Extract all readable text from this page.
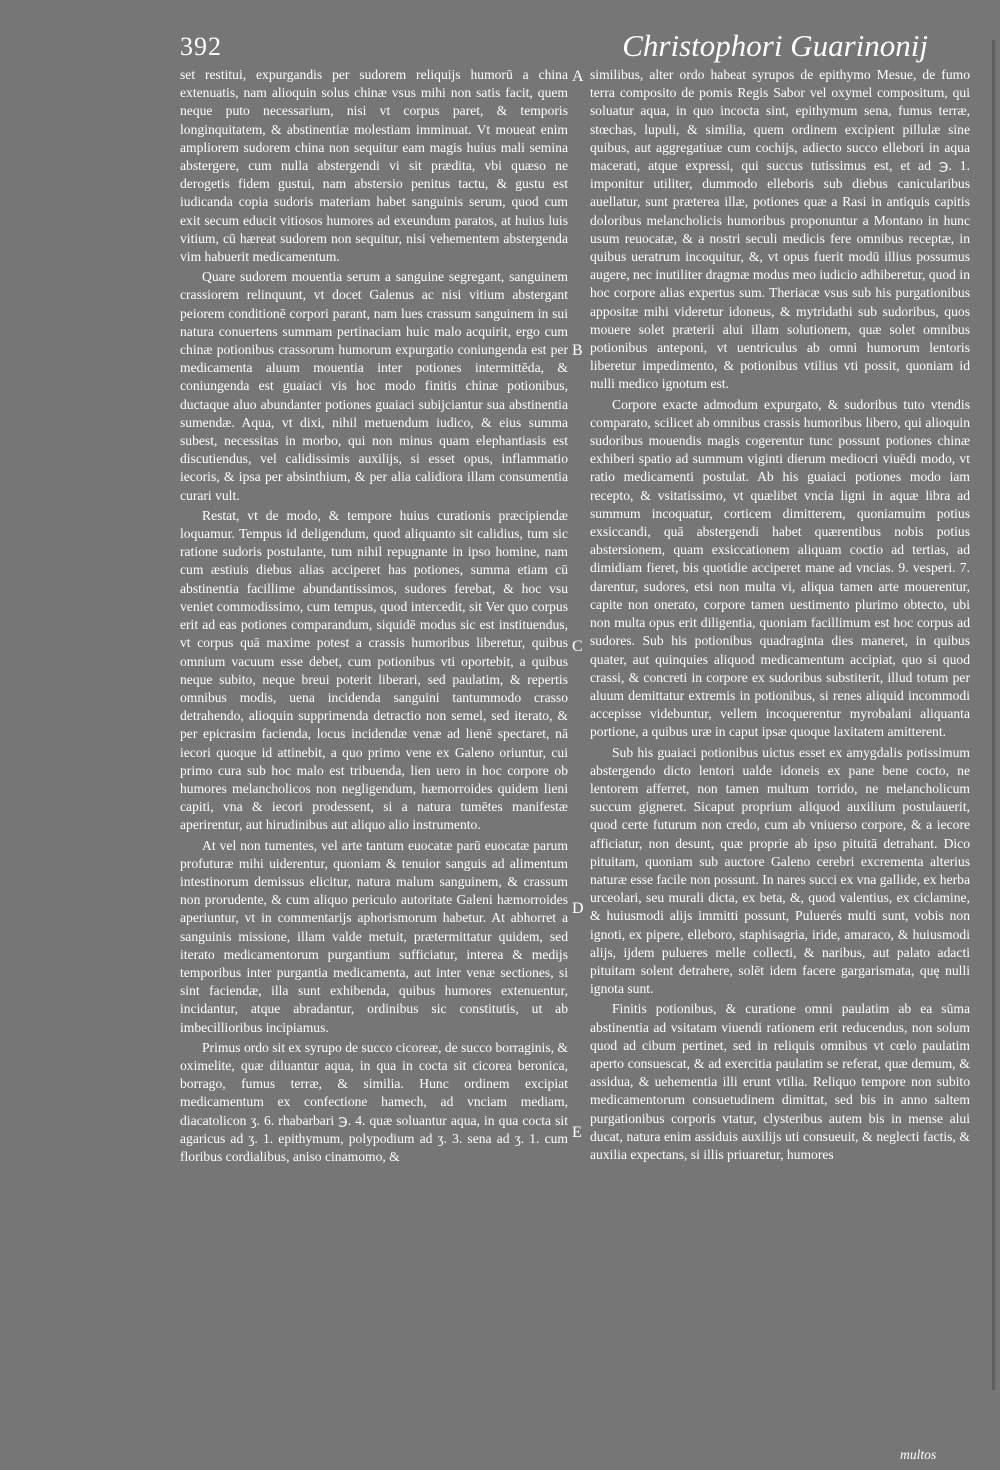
392	Christophori Guarinonij

set restitui, expurgandis per sudorem reliquijs humorū a china extenuatis, nam alioquin solus chinæ vsus mihi non satis facit, quem neque puto necessarium, nisi vt corpus paret, & temporis longinquitatem, & abstinentiæ molestiam imminuat. Vt moueat enim ampliorem sudorem china non sequitur eam magis huius mali semina abstergere, cum nulla abstergendi vi sit prædita, vbi quæso ne derogetis fidem gustui, nam abstersio penitus tactu, & gustu est iudicanda copia sudoris materiam habet sanguinis serum, quod cum exit secum educit vitiosos humores ad exeundum paratos, at huius luis vitium, cū hæreat sudorem non sequitur, nisi vehementem abstergenda vim habuerit medicamentum.

Quare sudorem mouentia serum a sanguine segregant, sanguinem crassiorem relinquunt, vt docet Galenus ac nisi vitium abstergant peiorem conditionē corpori parant, nam lues crassum sanguinem in sui natura conuertens summam pertinaciam huic malo acquirit, ergo cum chinæ potionibus crassorum humorum expurgatio coniungenda est per medicamenta aluum mouentia inter potiones intermittēda, & coniungenda est guaiaci vis hoc modo finitis chinæ potionibus, ductaque aluo abundanter potiones guaiaci subijciantur sua abstinentia sumendæ. Aqua, vt dixi, nihil metuendum iudico, & eius summa subest, necessitas in morbo, qui non minus quam elephantiasis est discutiendus, vel calidissimis auxilijs, si esset opus, inflammatio iecoris, & ipsa per absinthium, & per alia calidiora illam consumentia curari vult.

Restat, vt de modo, & tempore huius curationis præcipiendæ loquamur. Tempus id deligendum, quod aliquanto sit calidius, tum sic ratione sudoris postulante, tum nihil repugnante in ipso homine, nam cum æstiuis diebus alias acciperet has potiones, summa etiam cū abstinentia facillime abundantissimos, sudores ferebat, & hoc vsu veniet commodissimo, cum tempus, quod intercedit, sit Ver quo corpus erit ad eas potiones comparandum, siquidē modus sic est instituendus, vt corpus quā maxime potest a crassis humoribus liberetur, quibus omnium vacuum esse debet, cum potionibus vti oportebit, a quibus neque subito, neque breui poterit liberari, sed paulatim, & repertis omnibus modis, uena incidenda sanguini tantummodo crasso detrahendo, alioquin supprimenda detractio non semel, sed iterato, & per epicrasim facienda, locus incidendæ venæ ad lienē spectaret, nā iecori quoque id attinebit, a quo primo vene ex Galeno oriuntur, cui primo cura sub hoc malo est tribuenda, lien uero in hoc corpore ob humores melancholicos non negligendum, hæmorroides quidem lieni capiti, vna & iecori prodessent, si a natura tumētes manifestæ aperirentur, aut hirudinibus aut aliquo alio instrumento.

At vel non tumentes, vel arte tantum euocatæ parū euocatæ parum profuturæ mihi uiderentur, quoniam & tenuior sanguis ad alimentum intestinorum demissus elicitur, natura malum sanguinem, & crassum non prorudente, & cum aliquo periculo autoritate Galeni hæmorroides aperiuntur, vt in commentarijs aphorismorum habetur. At abhorret a sanguinis missione, illam valde metuit, prætermittatur quidem, sed iterato medicamentorum purgantium sufficiatur, interea & medijs temporibus inter purgantia medicamenta, aut inter venæ sectiones, si sint faciendæ, illa sunt exhibenda, quibus humores extenuentur, incidantur, atque abradantur, ordinibus sic constitutis, ut ab imbecillioribus incipiamus.

Primus ordo sit ex syrupo de succo cicoreæ, de succo borraginis, & oximelite, quæ diluantur aqua, in qua in cocta sit cicorea beronica, borrago, fumus terræ, & similia. Hunc ordinem excipiat medicamentum ex confectione hamech, ad vnciam mediam, diacatolicon ʒ. 6. rhabarbari ℈. 4. quæ soluantur aqua, in qua cocta sit agaricus ad ʒ. 1. epithymum, polypodium ad ʒ. 3. sena ad ʒ. 1. cum floribus cordialibus, aniso cinamomo, &

A
B
C
D
E

similibus, alter ordo habeat syrupos de epithymo Mesue, de fumo terra composito de pomis Regis Sabor vel oxymel compositum, qui soluatur aqua, in quo incocta sint, epithymum sena, fumus terræ, stœchas, lupuli, & similia, quem ordinem excipient pillulæ sine quibus, aut aggregatiuæ cum cochijs, adiecto succo ellebori in aqua macerati, atque expressi, qui succus tutissimus est, et ad ℈. 1. imponitur utiliter, dummodo elleboris sub diebus canicularibus auellatur, sunt præterea illæ, potiones quæ a Rasi in antiquis capitis doloribus melancholicis humoribus proponuntur a Montano in hunc usum reuocatæ, & a nostri seculi medicis fere omnibus receptæ, in quibus ueratrum incoquitur, &, vt opus fuerit modū illius possumus augere, nec inutiliter dragmæ modus meo iudicio adhiberetur, quod in hoc corpore alias expertus sum. Theriacæ vsus sub his purgationibus appositæ mihi videretur idoneus, & mytridathi sub sudoribus, quos mouere solet præterii alui illam solutionem, quæ solet omnibus potionibus anteponi, vt uentriculus ab omni humorum lentoris liberetur impedimento, & potionibus vtilius vti possit, quoniam id nulli medico ignotum est.

Corpore exacte admodum expurgato, & sudoribus tuto vtendis comparato, scilicet ab omnibus crassis humoribus libero, qui alioquin sudoribus mouendis magis cogerentur tunc possunt potiones chinæ exhiberi spatio ad summum viginti dierum mediocri viuēdi modo, vt ratio medicamenti postulat. Ab his guaiaci potiones modo iam recepto, & vsitatissimo, vt quælibet vncia ligni in aquæ libra ad summum incoquatur, corticem dimitterem, quoniamuim potius exsiccandi, quā abstergendi habet quærentibus nobis potius abstersionem, quam exsiccationem aliquam coctio ad tertias, ad dimidiam fieret, bis quotidie acciperet mane ad vncias. 9. vesperi. 7. darentur, sudores, etsi non multa vi, aliqua tamen arte mouerentur, capite non onerato, corpore tamen uestimento plurimo obtecto, ubi non multa opus erit diligentia, quoniam facillimum est hoc corpus ad sudores. Sub his potionibus quadraginta dies maneret, in quibus quater, aut quinquies aliquod medicamentum accipiat, quo si quod crassi, & concreti in corpore ex sudoribus substiterit, illud totum per aluum demittatur extremis in potionibus, si renes aliquid incommodi accepisse videbuntur, vellem incoquerentur myrobalani aliquanta portione, a quibus uræ in caput ipsæ quoque laxitatem amitterent.

Sub his guaiaci potionibus uictus esset ex amygdalis potissimum abstergendo dicto lentori ualde idoneis ex pane bene cocto, ne lentorem afferret, non tamen multum torrido, ne melancholicum succum gigneret. Sicaput proprium aliquod auxilium postulauerit, quod certe futurum non credo, cum ab vniuerso corpore, & a iecore afficiatur, non desunt, quæ proprie ab ipso pituitā detrahant. Dico pituitam, quoniam sub auctore Galeno cerebri excrementa alterius naturæ esse facile non possunt. In nares succi ex vna gallide, ex herba urceolari, seu murali dicta, ex beta, &, quod valentius, ex ciclamine, & huiusmodi alijs immitti possunt, Puluerés multi sunt, vobis non ignoti, ex pipere, elleboro, staphisagria, iride, amaraco, & huiusmodi alijs, ijdem pulueres melle collecti, & naribus, aut palato adacti pituitam solent detrahere, solēt idem facere gargarismata, quę nulli ignota sunt.

Finitis potionibus, & curatione omni paulatim ab ea sūma abstinentia ad vsitatam viuendi rationem erit reducendus, non solum quod ad cibum pertinet, sed in reliquis omnibus vt cœlo paulatim aperto consuescat, & ad exercitia paulatim se referat, quæ demum, & assidua, & uehementia illi erunt vtilia. Reliquo tempore non subito medicamentorum consuetudinem dimittat, sed bis in anno saltem purgationibus corporis vtatur, clysteribus autem bis in mense alui ducat, natura enim assiduis auxilijs uti consueuit, & neglecti factis, & auxilia expectans, si illis priuaretur, humores

multos
